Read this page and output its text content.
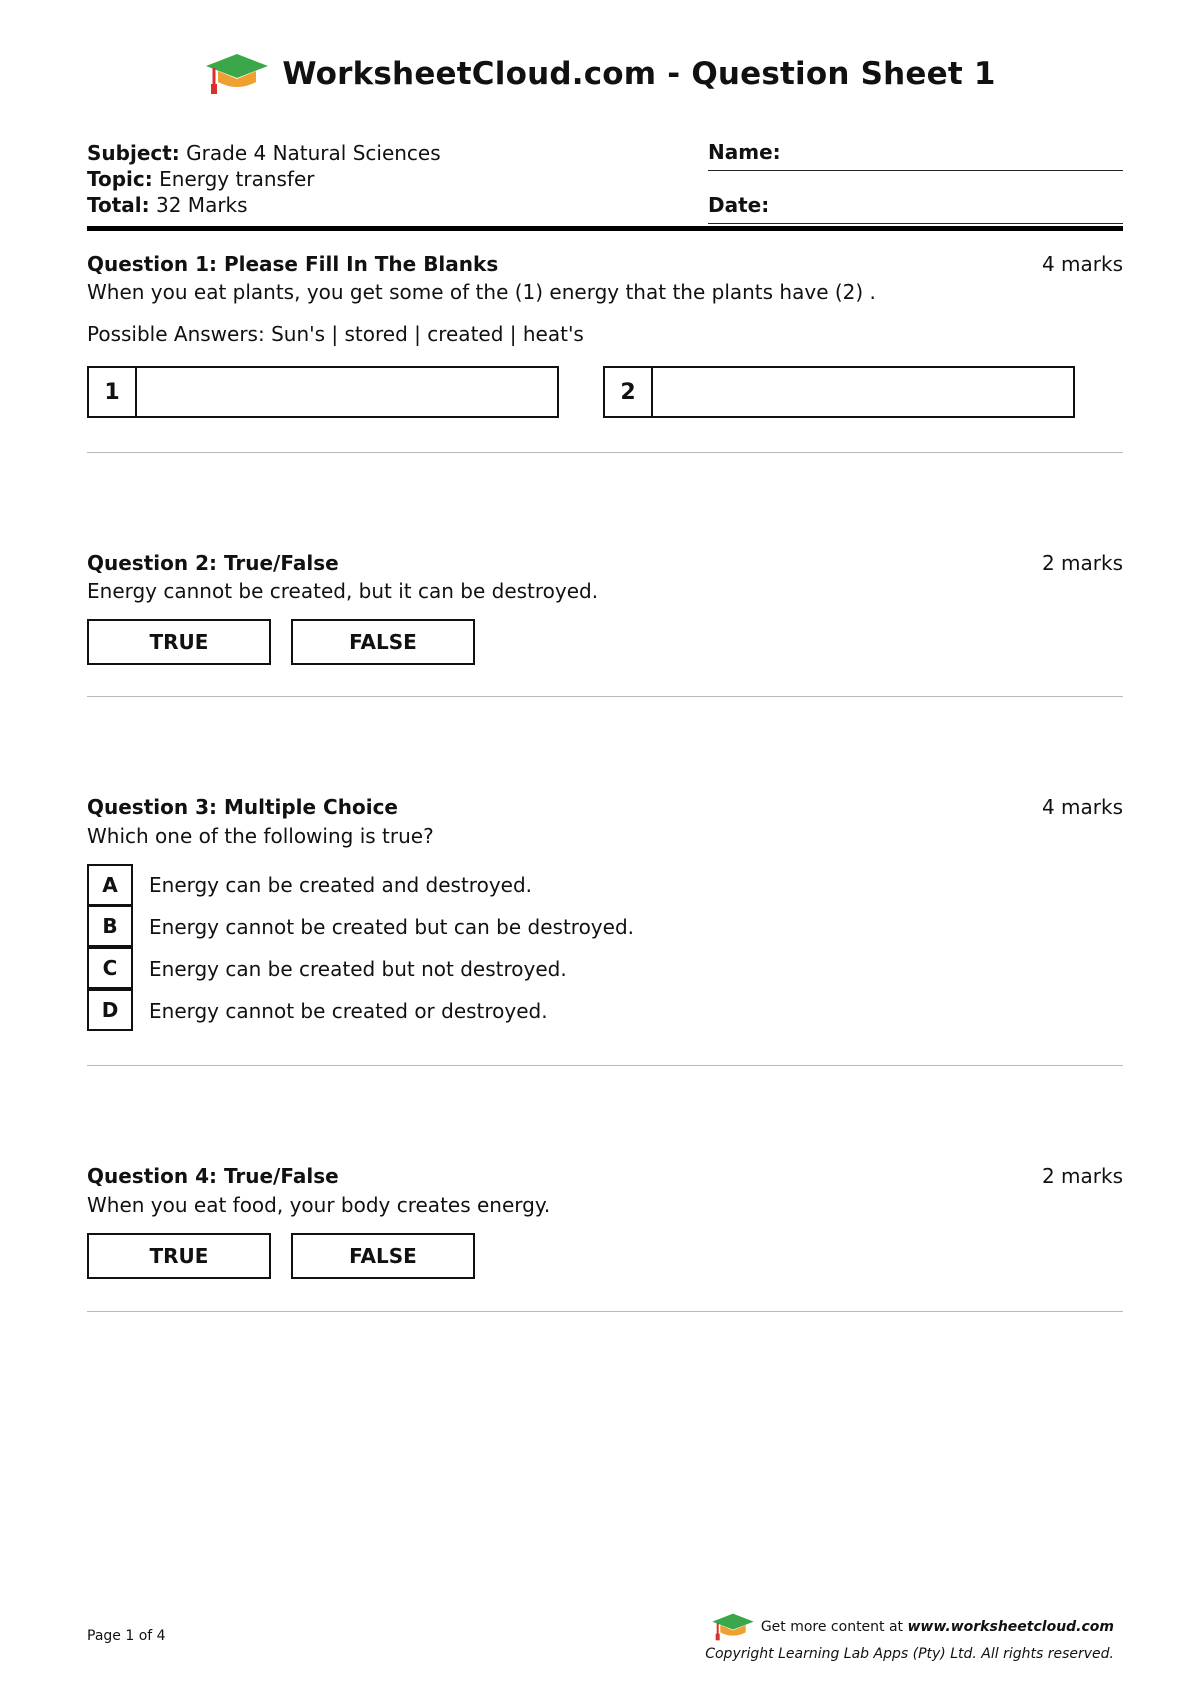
WorksheetCloud.com - Question Sheet 1
Subject: Grade 4 Natural Sciences
Topic: Energy transfer
Total: 32 Marks
Name:
Date:
Question 1: Please Fill In The Blanks	4 marks
When you eat plants, you get some of the (1) energy that the plants have (2) .
Possible Answers: Sun's | stored | created | heat's
1	2
Question 2: True/False	2 marks
Energy cannot be created, but it can be destroyed.
TRUE	FALSE
Question 3: Multiple Choice	4 marks
Which one of the following is true?
A	Energy can be created and destroyed.
B	Energy cannot be created but can be destroyed.
C	Energy can be created but not destroyed.
D	Energy cannot be created or destroyed.
Question 4: True/False	2 marks
When you eat food, your body creates energy.
TRUE	FALSE
Page 1 of 4
Get more content at www.worksheetcloud.com
Copyright Learning Lab Apps (Pty) Ltd. All rights reserved.
